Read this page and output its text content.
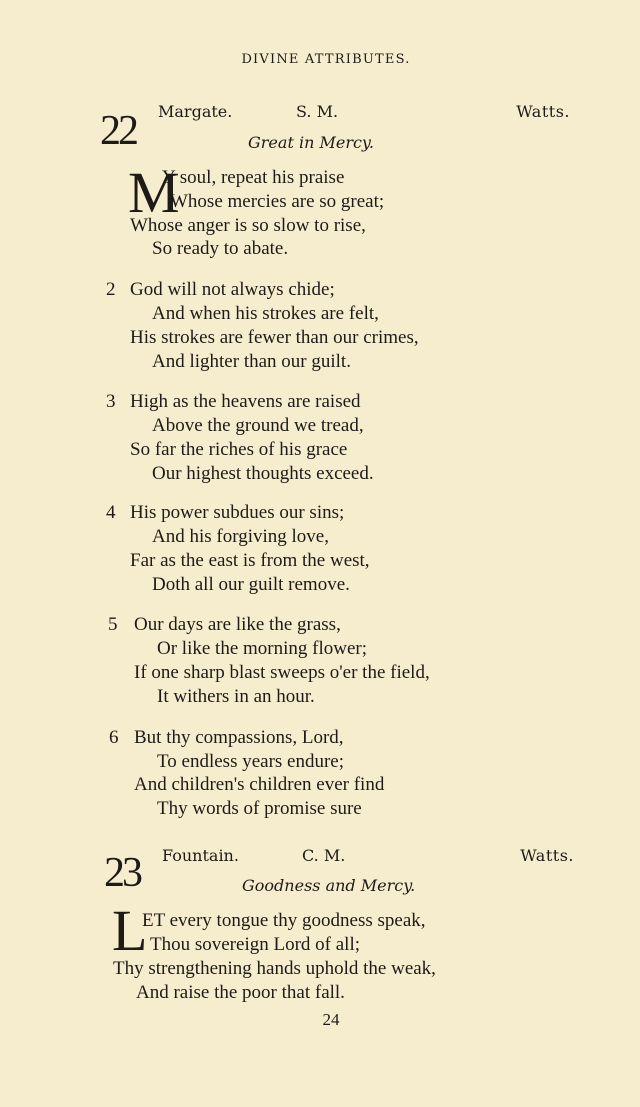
DIVINE ATTRIBUTES.
22 Margate.	S. M.	Watts.
Great in Mercy.
M
Y soul, repeat his praise
Whose mercies are so great;
Whose anger is so slow to rise,
So ready to abate.
2 God will not always chide;
And when his strokes are felt,
His strokes are fewer than our crimes,
And lighter than our guilt.
3 High as the heavens are raised
Above the ground we tread,
So far the riches of his grace
Our highest thoughts exceed.
4 His power subdues our sins;
And his forgiving love,
Far as the east is from the west,
Doth all our guilt remove.
5 Our days are like the grass,
Or like the morning flower;
If one sharp blast sweeps o'er the field,
It withers in an hour.
6 But thy compassions, Lord,
To endless years endure;
And children's children ever find
Thy words of promise sure
23 Fountain.	C. M.	Watts.
Goodness and Mercy.
L
ET every tongue thy goodness speak,
Thou sovereign Lord of all;
Thy strengthening hands uphold the weak,
And raise the poor that fall.
24
